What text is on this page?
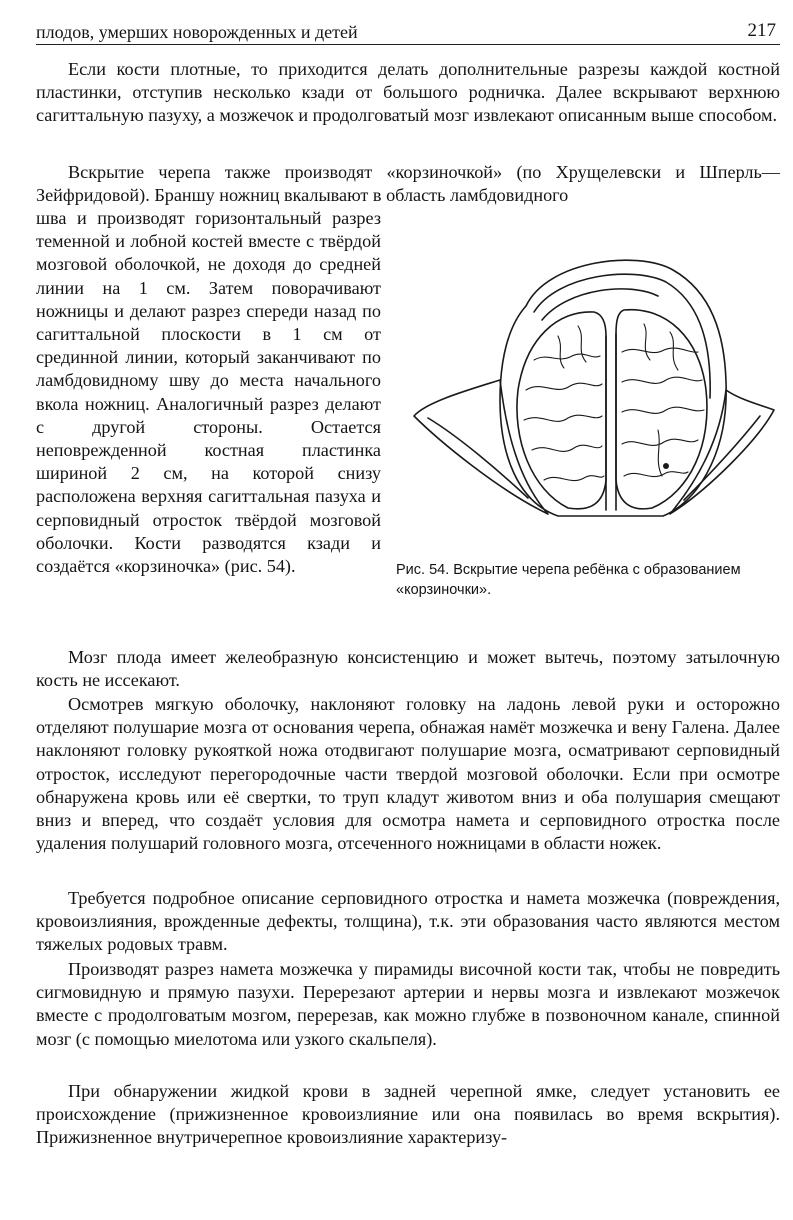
плодов, умерших новорожденных и детей	217
Если кости плотные, то приходится делать дополнительные разрезы каждой костной пластинки, отступив несколько кзади от большого родничка. Далее вскрывают верхнюю сагиттальную пазуху, а мозжечок и продолговатый мозг извлекают описанным выше способом.
Вскрытие черепа также производят «корзиночкой» (по Хрущелевски и Шперль—Зейфридовой). Браншу ножниц вкалывают в область ламбдовидного
шва и производят горизонтальный разрез теменной и лобной костей вместе с твёрдой мозговой оболочкой, не доходя до средней линии на 1 см. Затем поворачивают ножницы и делают разрез спереди назад по сагиттальной плоскости в 1 см от срединной линии, который заканчивают по ламбдовидному шву до места начального вкола ножниц. Аналогичный разрез делают с другой стороны. Остается неповрежденной костная пластинка шириной 2 см, на которой снизу расположена верхняя сагиттальная пазуха и серповидный отросток твёрдой мозговой оболочки. Кости разводятся кзади и создаётся «корзиночка» (рис. 54).	Рис. 54. Вскрытие черепа ребёнка с образованием «корзиночки».
Мозг плода имеет желеобразную консистенцию и может вытечь, поэтому затылочную кость не иссекают.
Осмотрев мягкую оболочку, наклоняют головку на ладонь левой руки и осторожно отделяют полушарие мозга от основания черепа, обнажая намёт мозжечка и вену Галена. Далее наклоняют головку рукояткой ножа отодвигают полушарие мозга, осматривают серповидный отросток, исследуют перегородочные части твердой мозговой оболочки. Если при осмотре обнаружена кровь или её свертки, то труп кладут животом вниз и оба полушария смещают вниз и вперед, что создаёт условия для осмотра намета и серповидного отростка после удаления полушарий головного мозга, отсеченного ножницами в области ножек.
Требуется подробное описание серповидного отростка и намета мозжечка (повреждения, кровоизлияния, врожденные дефекты, толщина), т.к. эти образования часто являются местом тяжелых родовых травм.
Производят разрез намета мозжечка у пирамиды височной кости так, чтобы не повредить сигмовидную и прямую пазухи. Перерезают артерии и нервы мозга и извлекают мозжечок вместе с продолговатым мозгом, перерезав, как можно глубже в позвоночном канале, спинной мозг (с помощью миелотома или узкого скальпеля).
При обнаружении жидкой крови в задней черепной ямке, следует установить ее происхождение (прижизненное кровоизлияние или она появилась во время вскрытия). Прижизненное внутричерепное кровоизлияние характеризу-
